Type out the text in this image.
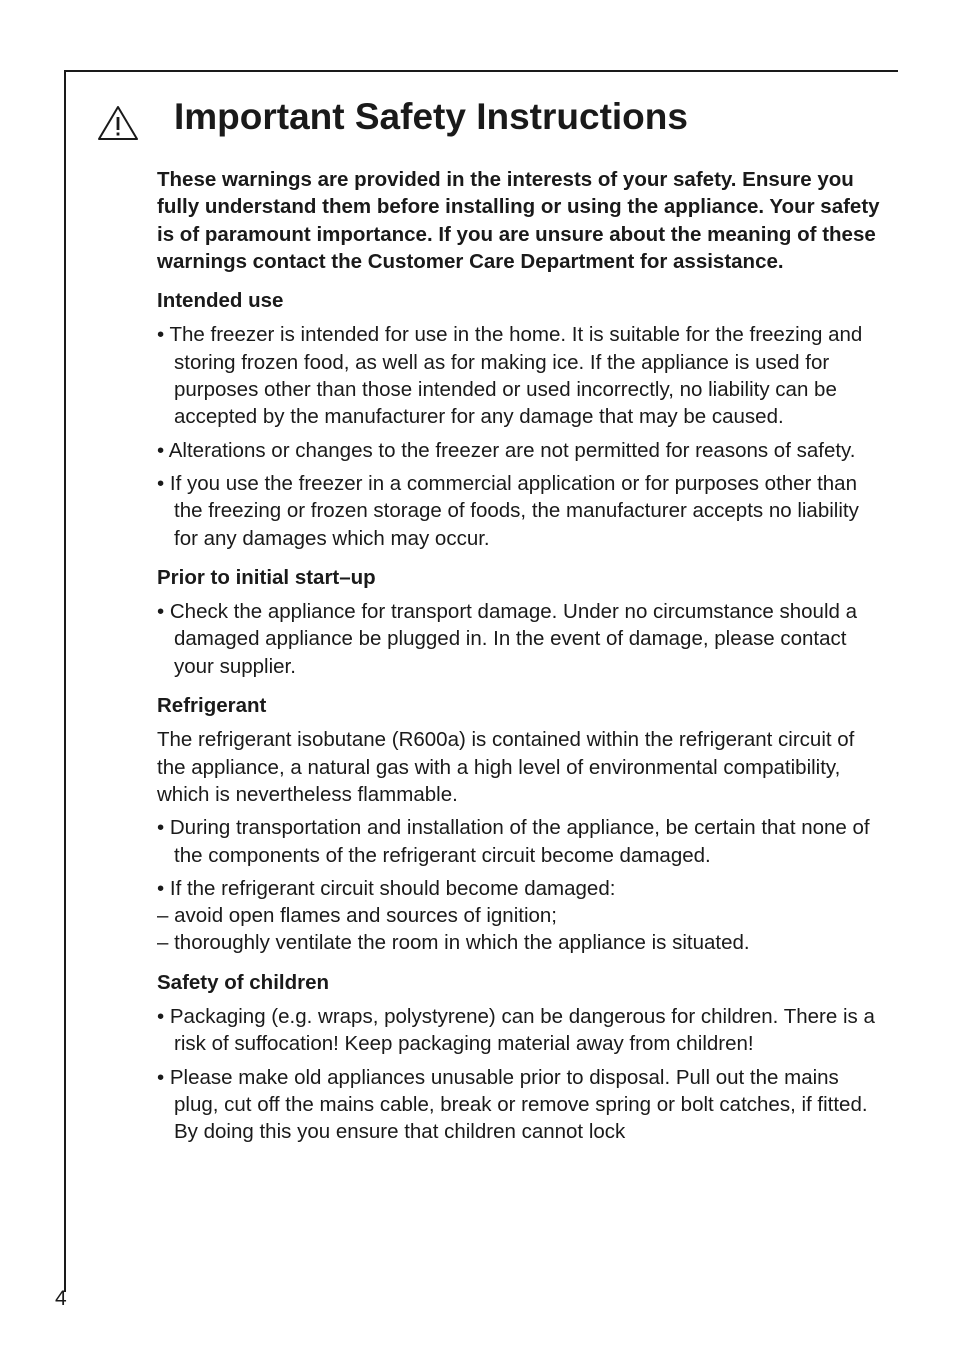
Important Safety Instructions

These warnings are provided in the interests of your safety. Ensure you fully understand them before installing or using the appliance. Your safety is of paramount importance. If you are unsure about the meaning of these warnings contact the Customer Care Department for assistance.

Intended use

• The freezer is intended for use in the home. It is suitable for the freezing and storing frozen food, as well as for making ice. If the appliance is used for purposes other than those intended or used incorrectly, no liability can be accepted by the manufacturer for any damage that may be caused.

• Alterations or changes to the freezer are not permitted for reasons of safety.

• If you use the freezer in a commercial application or for purposes other than the freezing or frozen storage of foods, the manufacturer accepts no liability for any damages which may occur.

Prior to initial start–up

• Check the appliance for transport damage. Under no circumstance should a damaged appliance be plugged in. In the event of damage, please contact your supplier.

Refrigerant

The refrigerant isobutane (R600a) is contained within the refrigerant circuit of the appliance, a natural gas with a high level of environmental compatibility, which is nevertheless flammable.

• During transportation and installation of the appliance, be certain that none of the components of the refrigerant circuit become damaged.

• If the refrigerant circuit should become damaged:

– avoid open flames and sources of ignition;

– thoroughly ventilate the room in which the appliance is situated.

Safety of children

• Packaging (e.g. wraps, polystyrene) can be dangerous for children. There is a risk of suffocation! Keep packaging material away from children!

• Please make old appliances unusable prior to disposal. Pull out the mains plug, cut off the mains cable, break or remove spring or bolt catches, if fitted. By doing this you ensure that children cannot lock

4
